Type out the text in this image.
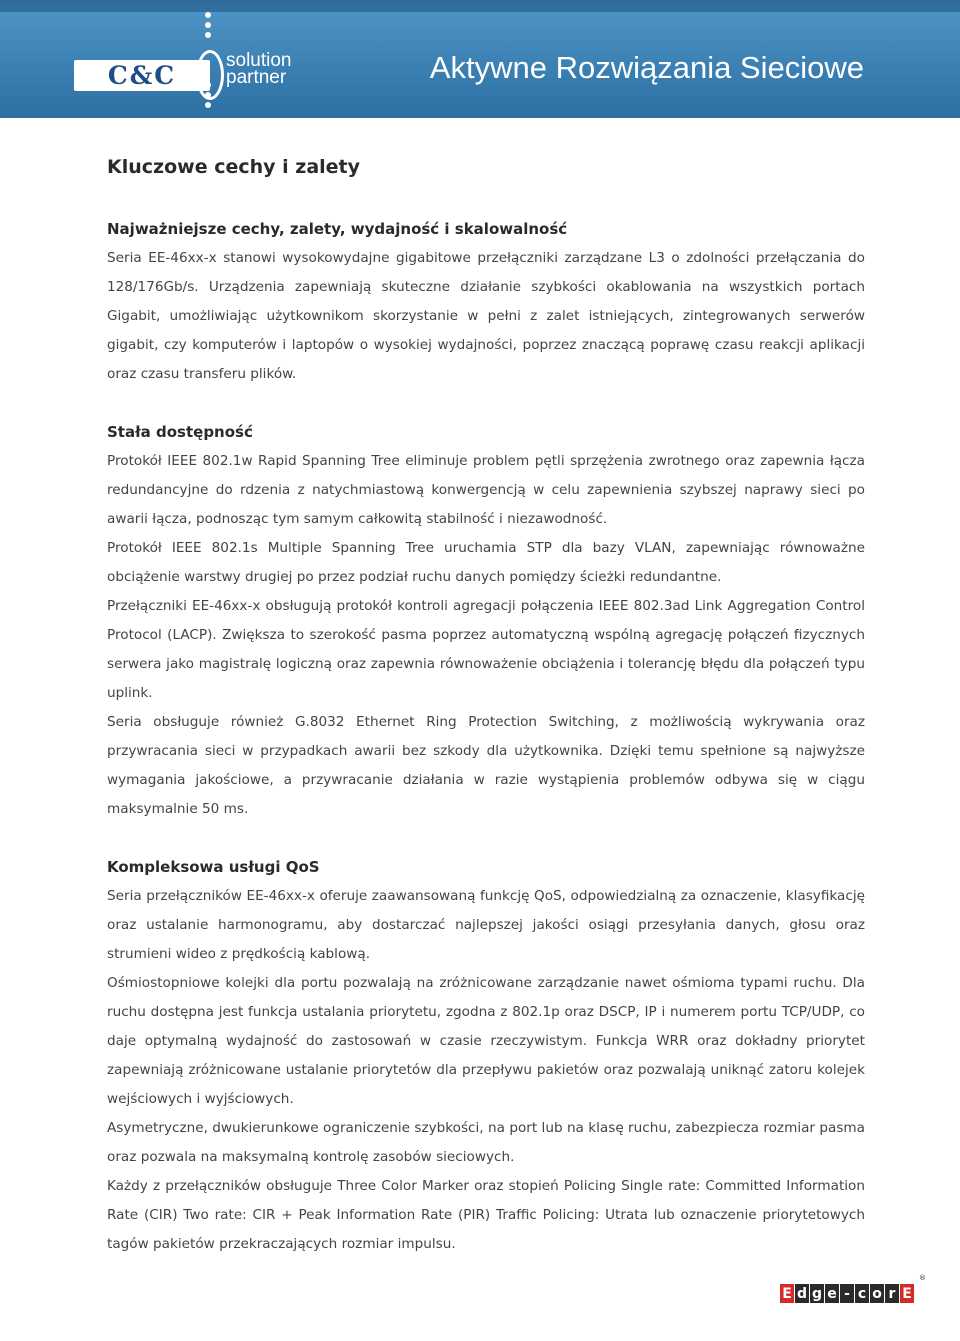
C&C
solution
partner	Aktywne Rozwiązania Sieciowe
Kluczowe cechy i zalety
Najważniejsze cechy, zalety, wydajność i skalowalność

Seria EE-46xx-x stanowi wysokowydajne gigabitowe przełączniki zarządzane L3 o zdolności przełączania do 128/176Gb/s. Urządzenia zapewniają skuteczne działanie szybkości okablowania na wszystkich portach Gigabit, umożliwiając użytkownikom skorzystanie w pełni z zalet istniejących, zintegrowanych serwerów gigabit, czy komputerów i laptopów o wysokiej wydajności, poprzez znaczącą poprawę czasu reakcji aplikacji oraz czasu transferu plików.

Stała dostępność

Protokół IEEE 802.1w Rapid Spanning Tree eliminuje problem pętli sprzężenia zwrotnego oraz zapewnia łącza redundancyjne do rdzenia z natychmiastową konwergencją w celu zapewnienia szybszej naprawy sieci po awarii łącza, podnosząc tym samym całkowitą stabilność i niezawodność.

Protokół IEEE 802.1s Multiple Spanning Tree uruchamia STP dla bazy VLAN, zapewniając równoważne obciążenie warstwy drugiej po przez podział ruchu danych pomiędzy ścieżki redundantne.

Przełączniki EE-46xx-x obsługują protokół kontroli agregacji połączenia IEEE 802.3ad Link Aggregation Control Protocol (LACP). Zwiększa to szerokość pasma poprzez automatyczną wspólną agregację połączeń fizycznych serwera jako magistralę logiczną oraz zapewnia równoważenie obciążenia i tolerancję błędu dla połączeń typu uplink.

Seria obsługuje również G.8032 Ethernet Ring Protection Switching, z możliwością wykrywania oraz przywracania sieci w przypadkach awarii bez szkody dla użytkownika. Dzięki temu spełnione są najwyższe wymagania jakościowe, a przywracanie działania w razie wystąpienia problemów odbywa się w ciągu maksymalnie 50 ms.

Kompleksowa usługi QoS

Seria przełączników EE-46xx-x oferuje zaawansowaną funkcję QoS, odpowiedzialną za oznaczenie, klasyfikację oraz ustalanie harmonogramu, aby dostarczać najlepszej jakości osiągi przesyłania danych, głosu oraz strumieni wideo z prędkością kablową.

Ośmiostopniowe kolejki dla portu pozwalają na zróżnicowane zarządzanie nawet ośmioma typami ruchu. Dla ruchu dostępna jest funkcja ustalania priorytetu, zgodna z 802.1p oraz DSCP, IP i numerem portu TCP/UDP, co daje optymalną wydajność do zastosowań w czasie rzeczywistym. Funkcja WRR oraz dokładny priorytet zapewniają zróżnicowane ustalanie priorytetów dla przepływu pakietów oraz pozwalają uniknąć zatoru kolejek wejściowych i wyjściowych.

Asymetryczne, dwukierunkowe ograniczenie szybkości, na port lub na klasę ruchu, zabezpiecza rozmiar pasma oraz pozwala na maksymalną kontrolę zasobów sieciowych.

Każdy z przełączników obsługuje Three Color Marker oraz stopień Policing Single rate: Committed Information Rate (CIR) Two rate: CIR + Peak Information Rate (PIR) Traffic Policing: Utrata lub oznaczenie priorytetowych tagów pakietów przekraczających rozmiar impulsu.

E d g e - c o r E
®
